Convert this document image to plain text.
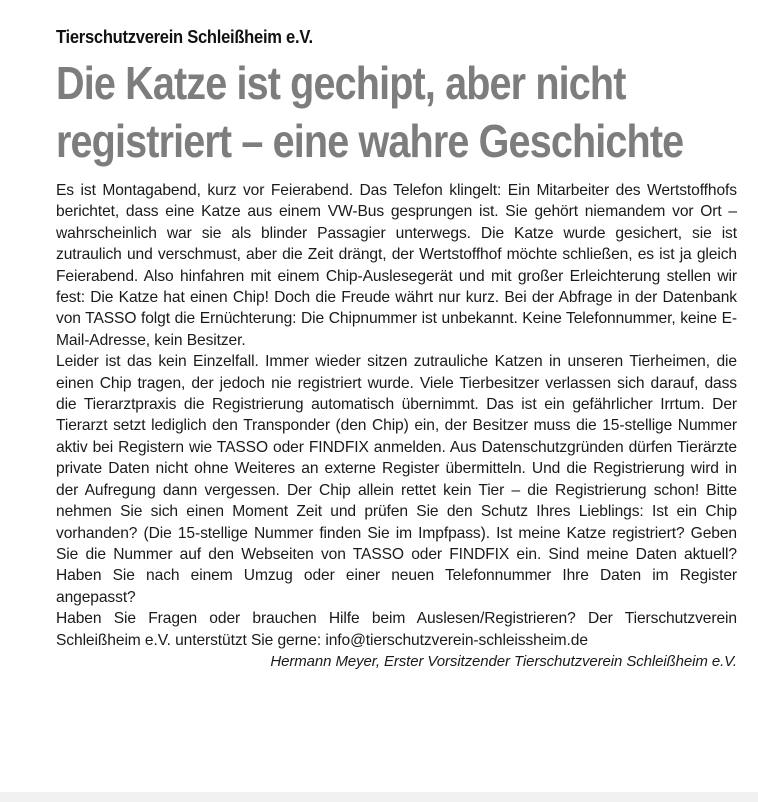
Tierschutzverein Schleißheim e.V.
Die Katze ist gechipt, aber nicht
registriert – eine wahre Geschichte

Es ist Montagabend, kurz vor Feierabend. Das Telefon klingelt: Ein Mitarbeiter des Wertstoffhofs berichtet, dass eine Katze aus einem VW-Bus gesprungen ist. Sie gehört niemandem vor Ort – wahrscheinlich war sie als blinder Passagier unterwegs. Die Katze wurde gesichert, sie ist zutraulich und verschmust, aber die Zeit drängt, der Wertstoffhof möchte schließen, es ist ja gleich Feierabend. Also hinfahren mit einem Chip-Auslesegerät und mit großer Erleichterung stellen wir fest: Die Katze hat einen Chip! Doch die Freude währt nur kurz. Bei der Abfrage in der Datenbank von TASSO folgt die Ernüchterung: Die Chipnummer ist unbekannt. Keine Telefonnummer, keine E-Mail-Adresse, kein Besitzer.

Leider ist das kein Einzelfall. Immer wieder sitzen zutrauliche Katzen in unseren Tierheimen, die einen Chip tragen, der jedoch nie registriert wurde. Viele Tierbesitzer verlassen sich darauf, dass die Tierarztpraxis die Registrierung automatisch übernimmt. Das ist ein gefährlicher Irrtum. Der Tierarzt setzt lediglich den Transponder (den Chip) ein, der Besitzer muss die 15-stellige Nummer aktiv bei Registern wie TASSO oder FINDFIX anmelden. Aus Datenschutzgründen dürfen Tierärzte private Daten nicht ohne Weiteres an externe Register übermitteln. Und die Registrierung wird in der Aufregung dann vergessen. Der Chip allein rettet kein Tier – die Registrierung schon! Bitte nehmen Sie sich einen Moment Zeit und prüfen Sie den Schutz Ihres Lieblings: Ist ein Chip vorhanden? (Die 15-stellige Nummer finden Sie im Impfpass). Ist meine Katze registriert? Geben Sie die Nummer auf den Webseiten von TASSO oder FINDFIX ein. Sind meine Daten aktuell? Haben Sie nach einem Umzug oder einer neuen Telefonnummer Ihre Daten im Register angepasst?

Haben Sie Fragen oder brauchen Hilfe beim Auslesen/Registrieren? Der Tierschutzverein Schleißheim e.V. unterstützt Sie gerne: info@tierschutzverein-schleissheim.de

Hermann Meyer, Erster Vorsitzender Tierschutzverein Schleißheim e.V.
